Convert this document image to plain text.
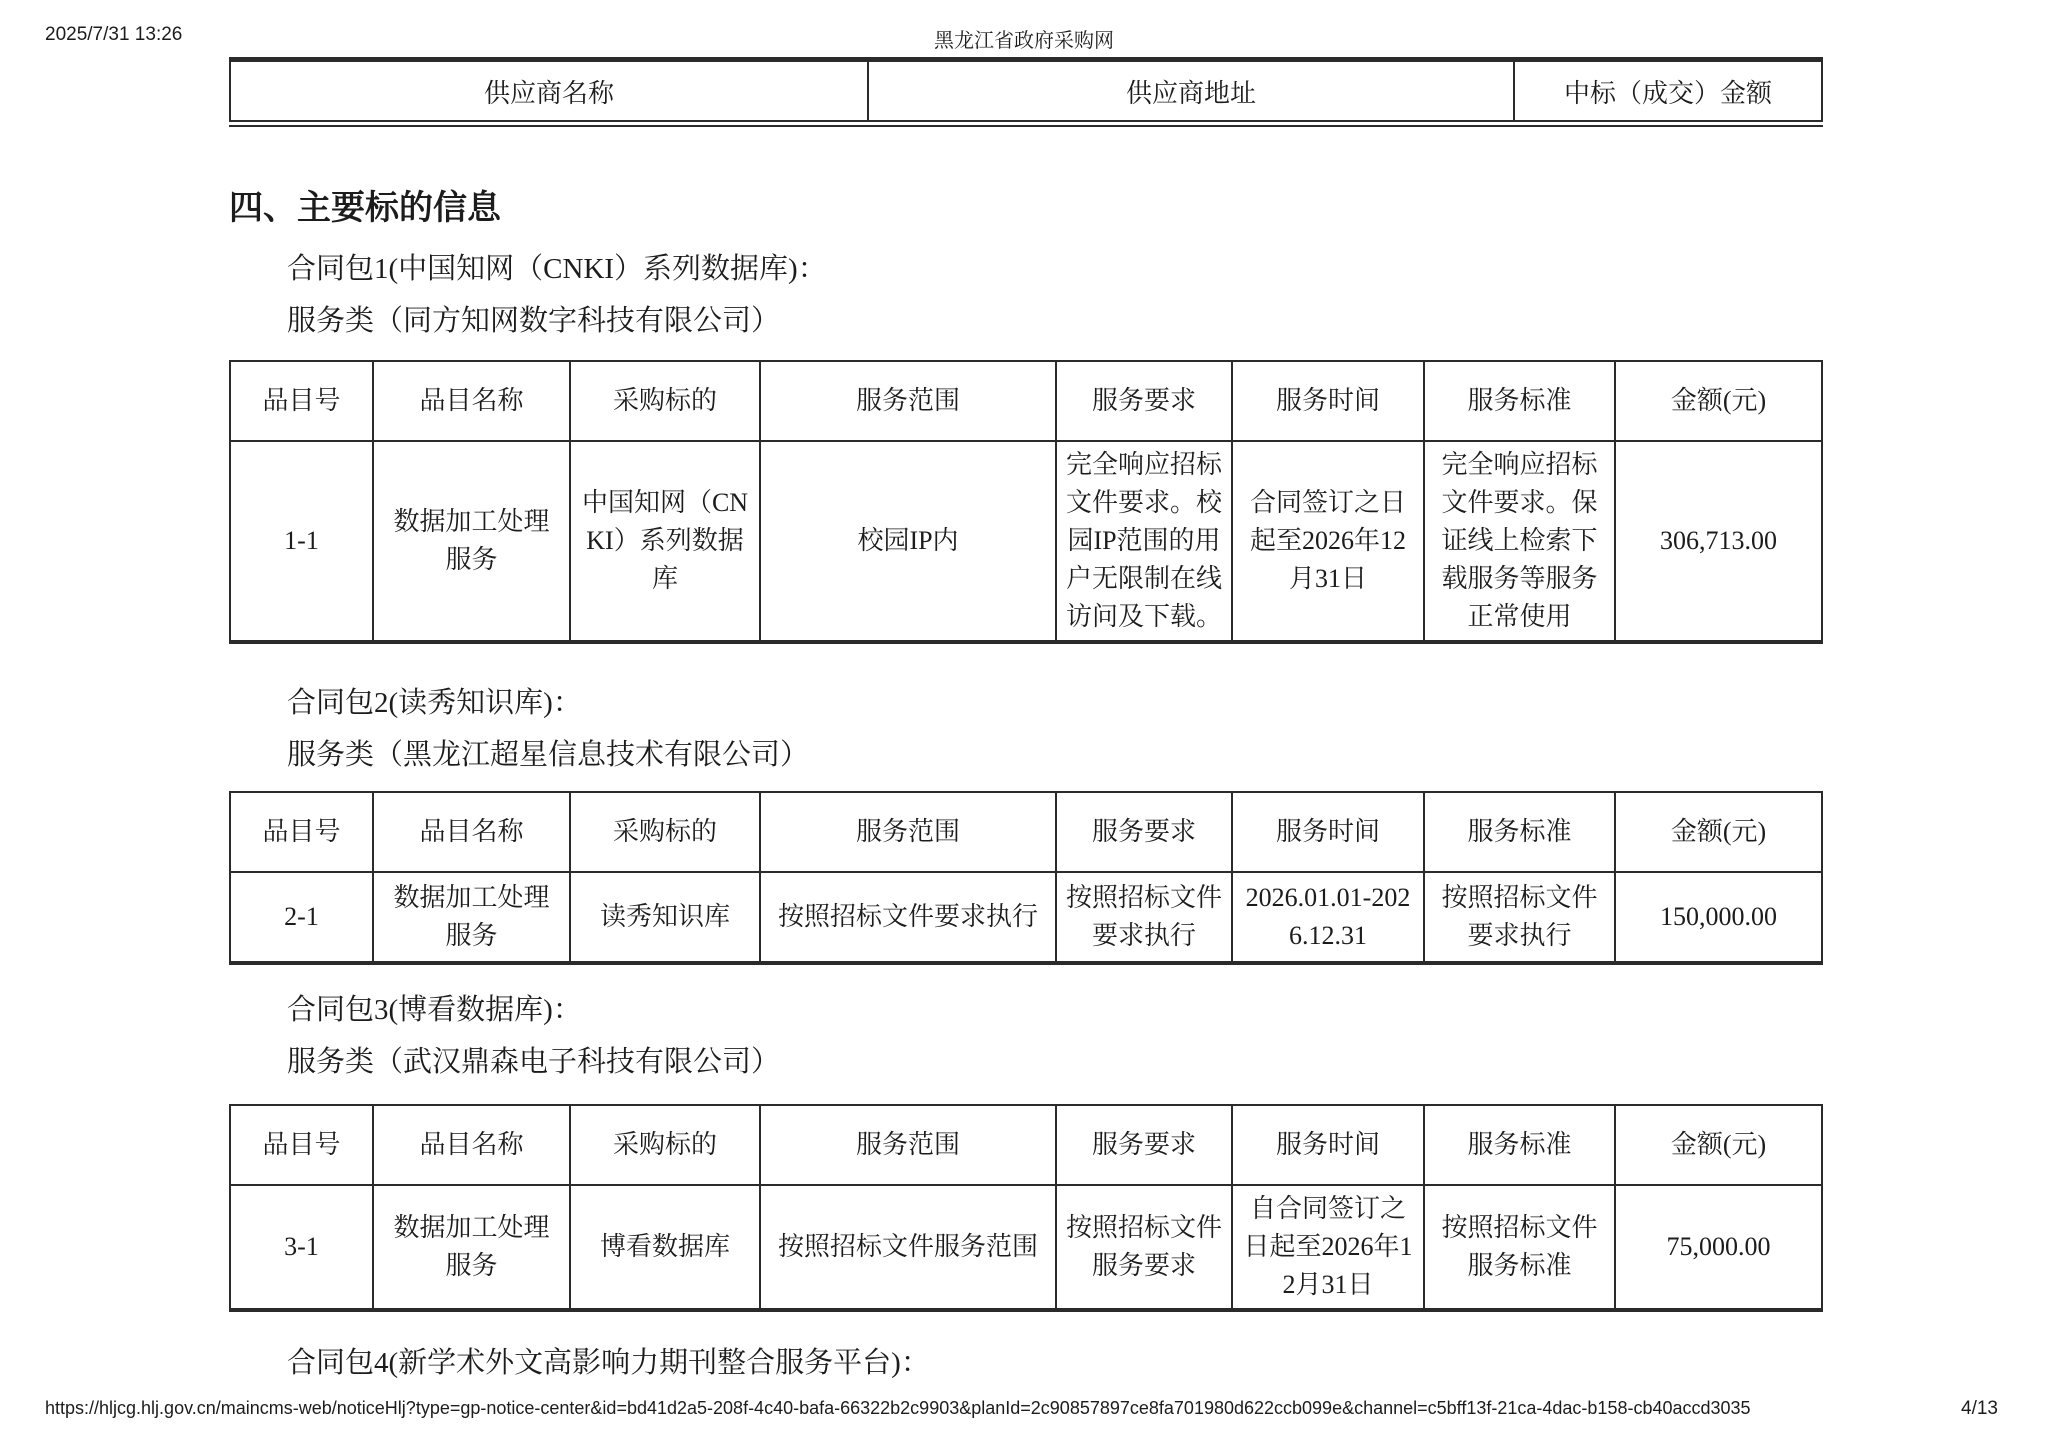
2025/7/31 13:26	黑龙江省政府采购网
供应商名称	供应商地址	中标（成交）金额
四、主要标的信息
合同包1(中国知网（CNKI）系列数据库)：
服务类（同方知网数字科技有限公司）
品目号	品目名称	采购标的	服务范围	服务要求	服务时间	服务标准	金额(元)
1-1	数据加工处理服务	中国知网（CNKI）系列数据库	校园IP内	完全响应招标文件要求。校园IP范围的用户无限制在线访问及下载。	合同签订之日起至2026年12月31日	完全响应招标文件要求。保证线上检索下载服务等服务正常使用	306,713.00
合同包2(读秀知识库)：
服务类（黑龙江超星信息技术有限公司）
品目号	品目名称	采购标的	服务范围	服务要求	服务时间	服务标准	金额(元)
2-1	数据加工处理服务	读秀知识库	按照招标文件要求执行	按照招标文件要求执行	2026.01.01-2026.12.31	按照招标文件要求执行	150,000.00
合同包3(博看数据库)：
服务类（武汉鼎森电子科技有限公司）
品目号	品目名称	采购标的	服务范围	服务要求	服务时间	服务标准	金额(元)
3-1	数据加工处理服务	博看数据库	按照招标文件服务范围	按照招标文件服务要求	自合同签订之日起至2026年12月31日	按照招标文件服务标准	75,000.00
合同包4(新学术外文高影响力期刊整合服务平台)：
https://hljcg.hlj.gov.cn/maincms-web/noticeHlj?type=gp-notice-center&id=bd41d2a5-208f-4c40-bafa-66322b2c9903&planId=2c90857897ce8fa701980d622ccb099e&channel=c5bff13f-21ca-4dac-b158-cb40accd3035	4/13
